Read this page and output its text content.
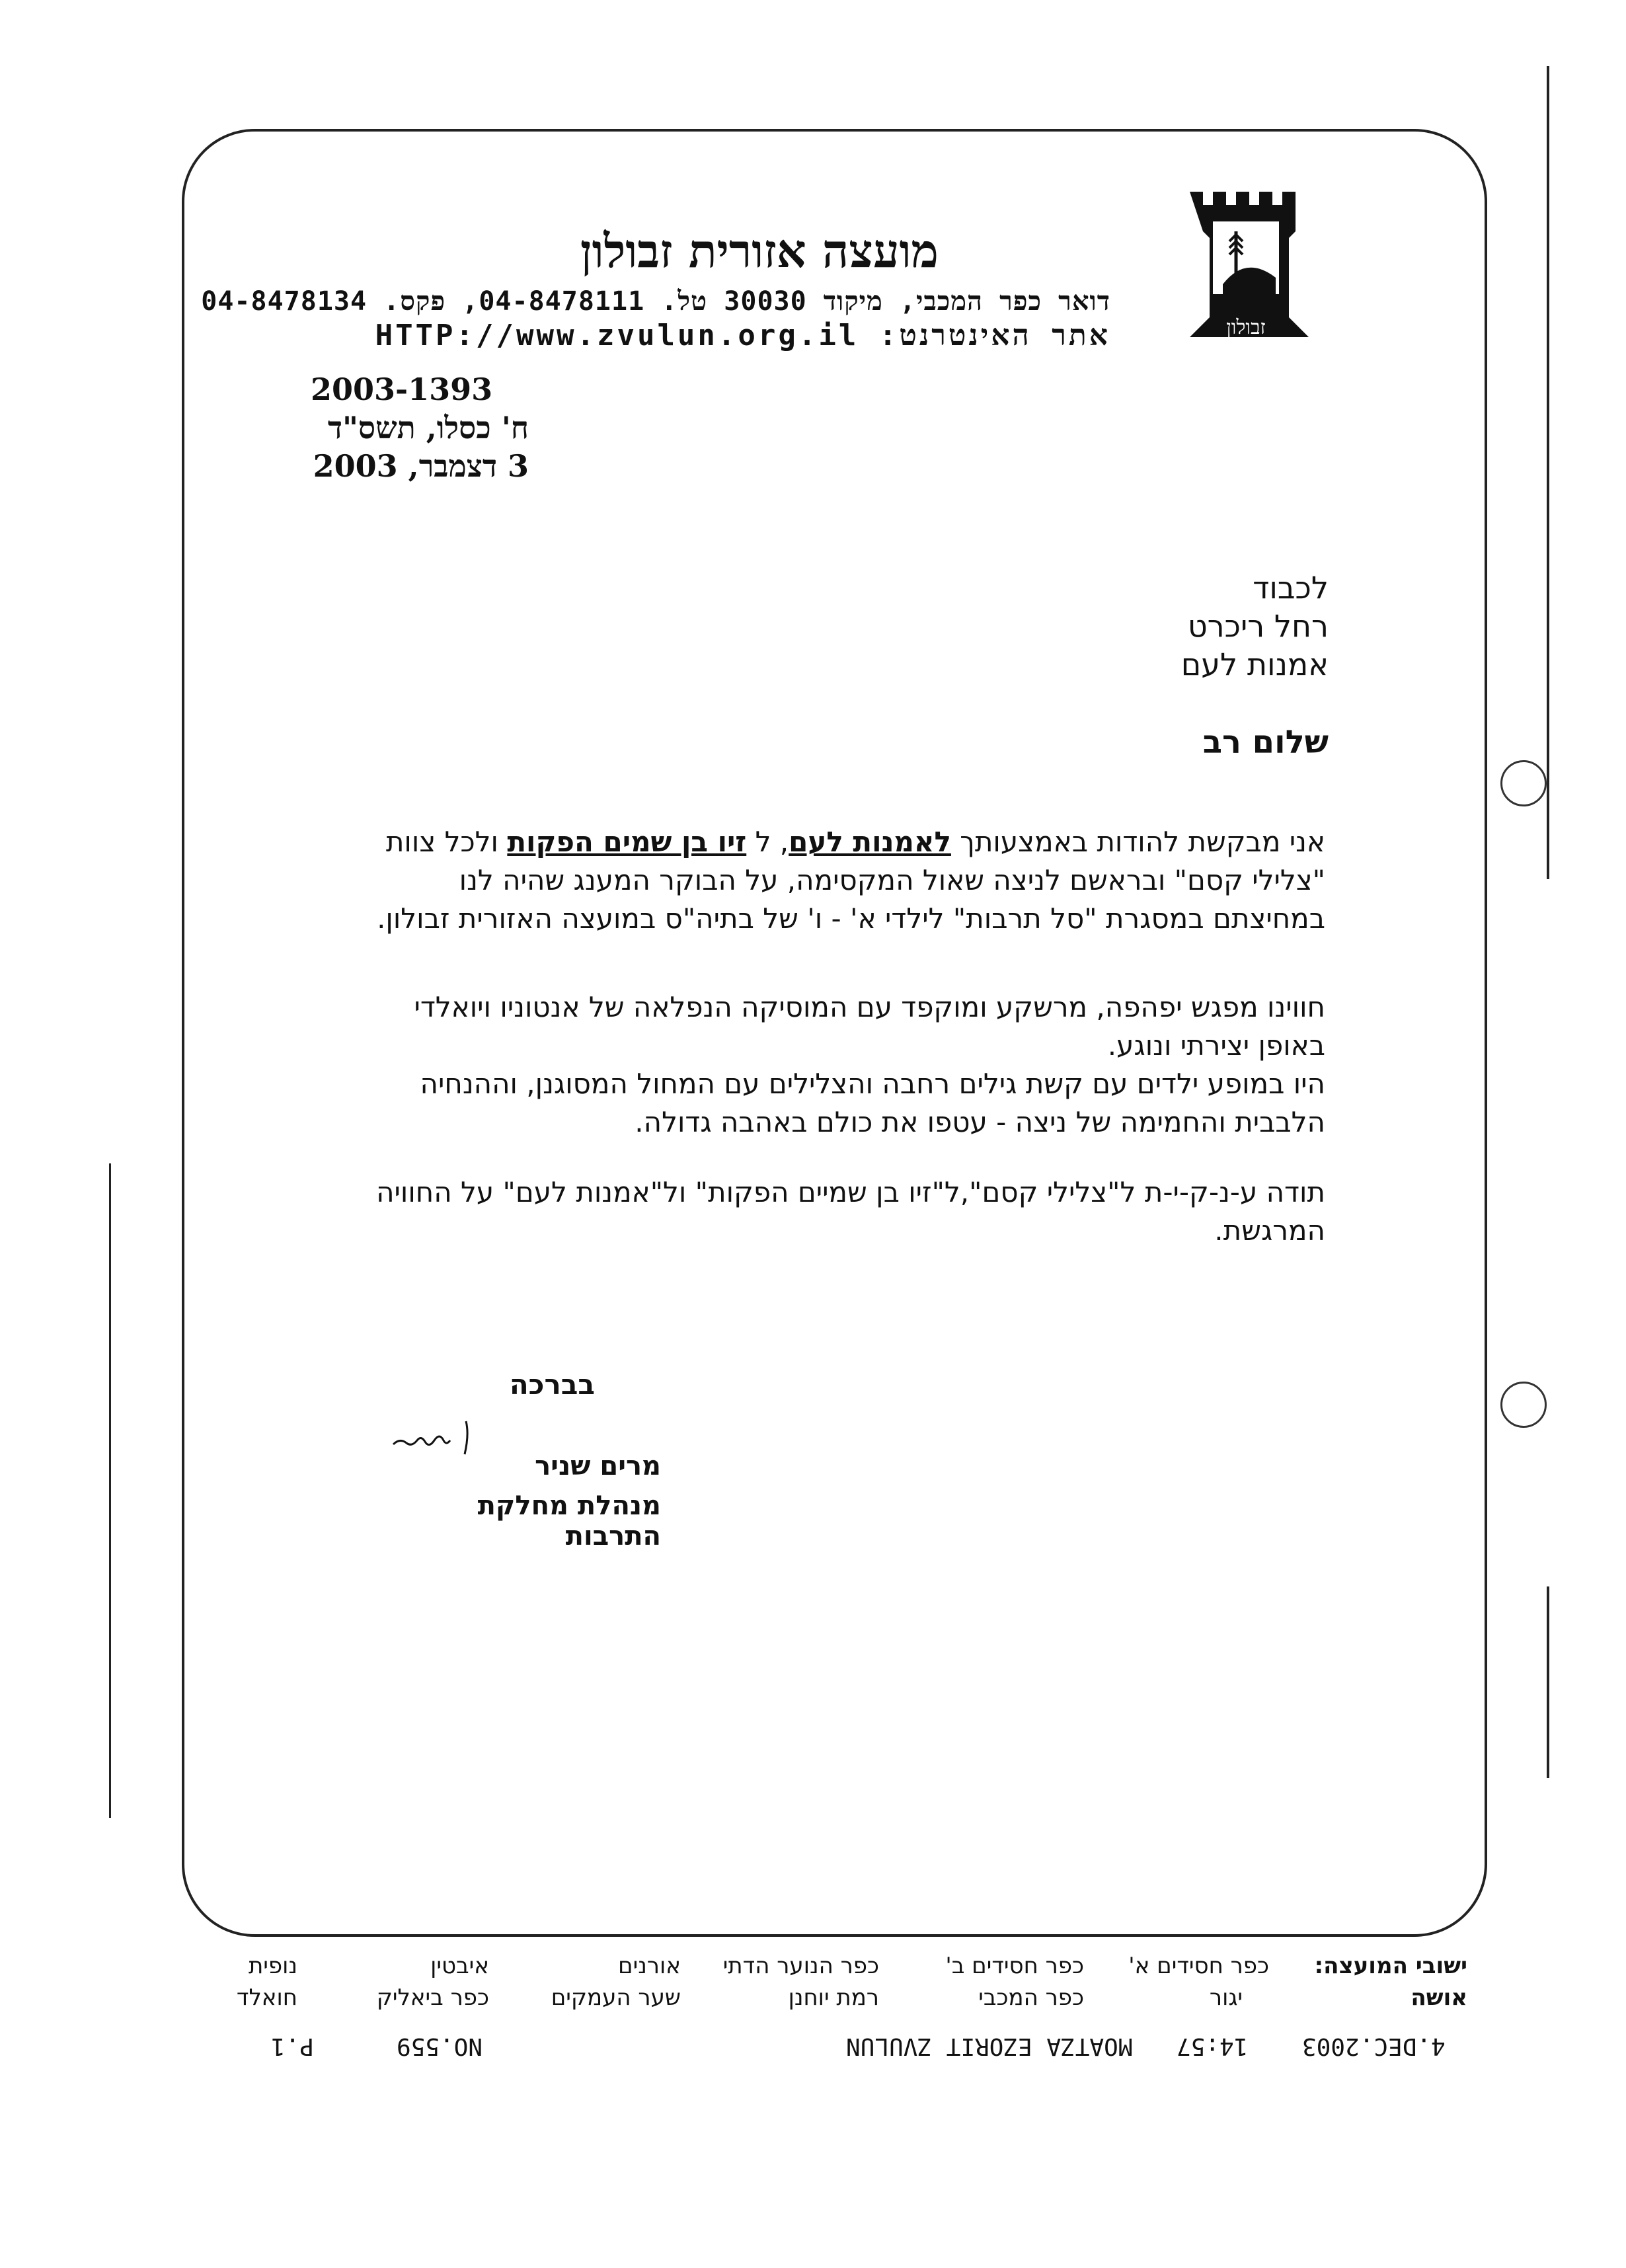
זבולון
מועצה אזורית זבולון
דואר כפר המכבי, מיקוד 30030 טל. 04-8478111, פקס. 04-8478134
אתר האינטרנט: HTTP://www.zvulun.org.il
2003-1393
ח' כסלו, תשס"ד
3 דצמבר, 2003
לכבוד
רחל ריכרט
אמנות לעם
שלום רב
אני מבקשת להודות באמצעותך לאמנות לעם, ל זיו בן שמים הפקות ולכל צוות "צלילי קסם" ובראשם לניצה שאול המקסימה, על הבוקר המענג שהיה לנו במחיצתם במסגרת "סל תרבות" לילדי א' - ו' של בתיה"ס במועצה האזורית זבולון.
חווינו מפגש יפהפה, מרשקע ומוקפד עם המוסיקה הנפלאה של אנטוניו ויואלדי באופן יצירתי ונוגע.
היו במופע ילדים עם קשת גילים רחבה והצלילים עם המחול המסוגנן, וההנחיה הלבבית והחמימה של ניצה - עטפו את כולם באהבה גדולה.
תודה ע-נ-ק-י-ת ל"צלילי קסם",ל"זיו בן שמיים הפקות" ול"אמנות לעם" על החוויה המרגשת.
בברכה
מרים שניר
מנהלת מחלקת התרבות
ישובי המועצה:
אושה
כפר חסידים א'
יגור
כפר חסידים ב'
כפר המכבי
כפר הנוער הדתי
רמת יוחנן
אורנים
שער העמקים
איבטין
כפר ביאליק
נופית
חואלד
4.DEC.2003
14:57
MOATZA EZORIT ZVULUN
NO.559
P.1
